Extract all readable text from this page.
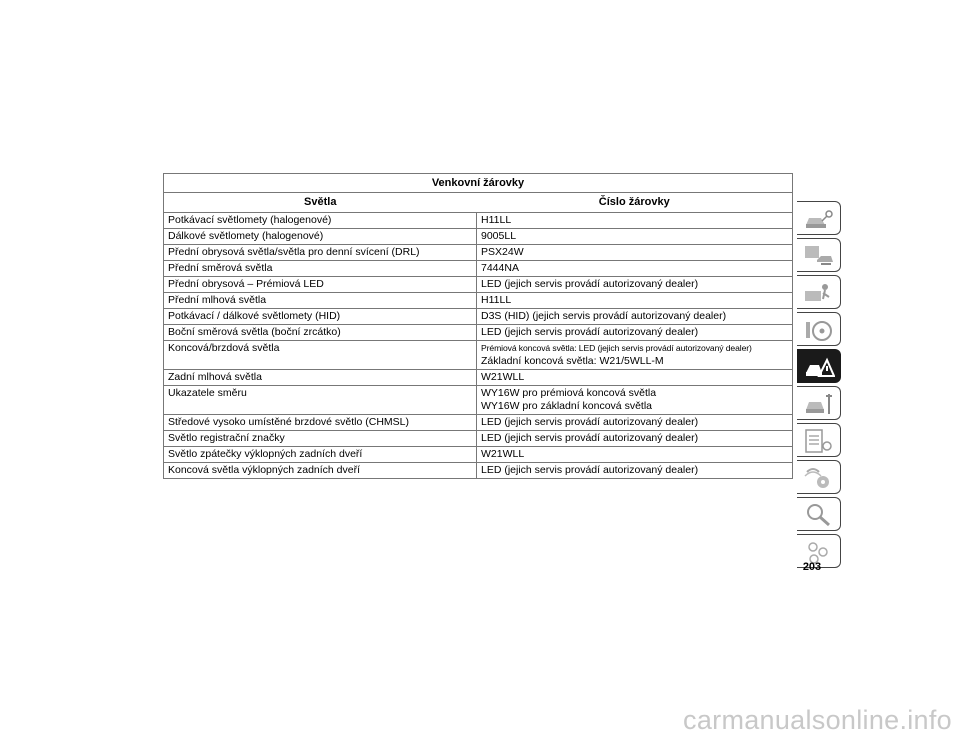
Venkovní žárovky	
Světla	Číslo žárovky
Potkávací světlomety (halogenové)	H11LL
Dálkové světlomety (halogenové)	9005LL
Přední obrysová světla/světla pro denní svícení (DRL)	PSX24W
Přední směrová světla	7444NA
Přední obrysová – Prémiová LED	LED (jejich servis provádí autorizovaný dealer)
Přední mlhová světla	H11LL
Potkávací / dálkové světlomety (HID)	D3S (HID) (jejich servis provádí autorizovaný dealer)
Boční směrová světla (boční zrcátko)	LED (jejich servis provádí autorizovaný dealer)
Koncová/brzdová světla	Prémiová koncová světla: LED (jejich servis provádí autorizovaný dealer)
Základní koncová světla: W21/5WLL-M

Zadní mlhová světla	W21WLL
Ukazatele směru	WY16W pro prémiová koncová světla
WY16W pro základní koncová světla

Středové vysoko umístěné brzdové světlo (CHMSL)	LED (jejich servis provádí autorizovaný dealer)
Světlo registrační značky	LED (jejich servis provádí autorizovaný dealer)
Světlo zpátečky výklopných zadních dveří	W21WLL
Koncová světla výklopných zadních dveří	LED (jejich servis provádí autorizovaný dealer)
203
carmanualsonline.info
